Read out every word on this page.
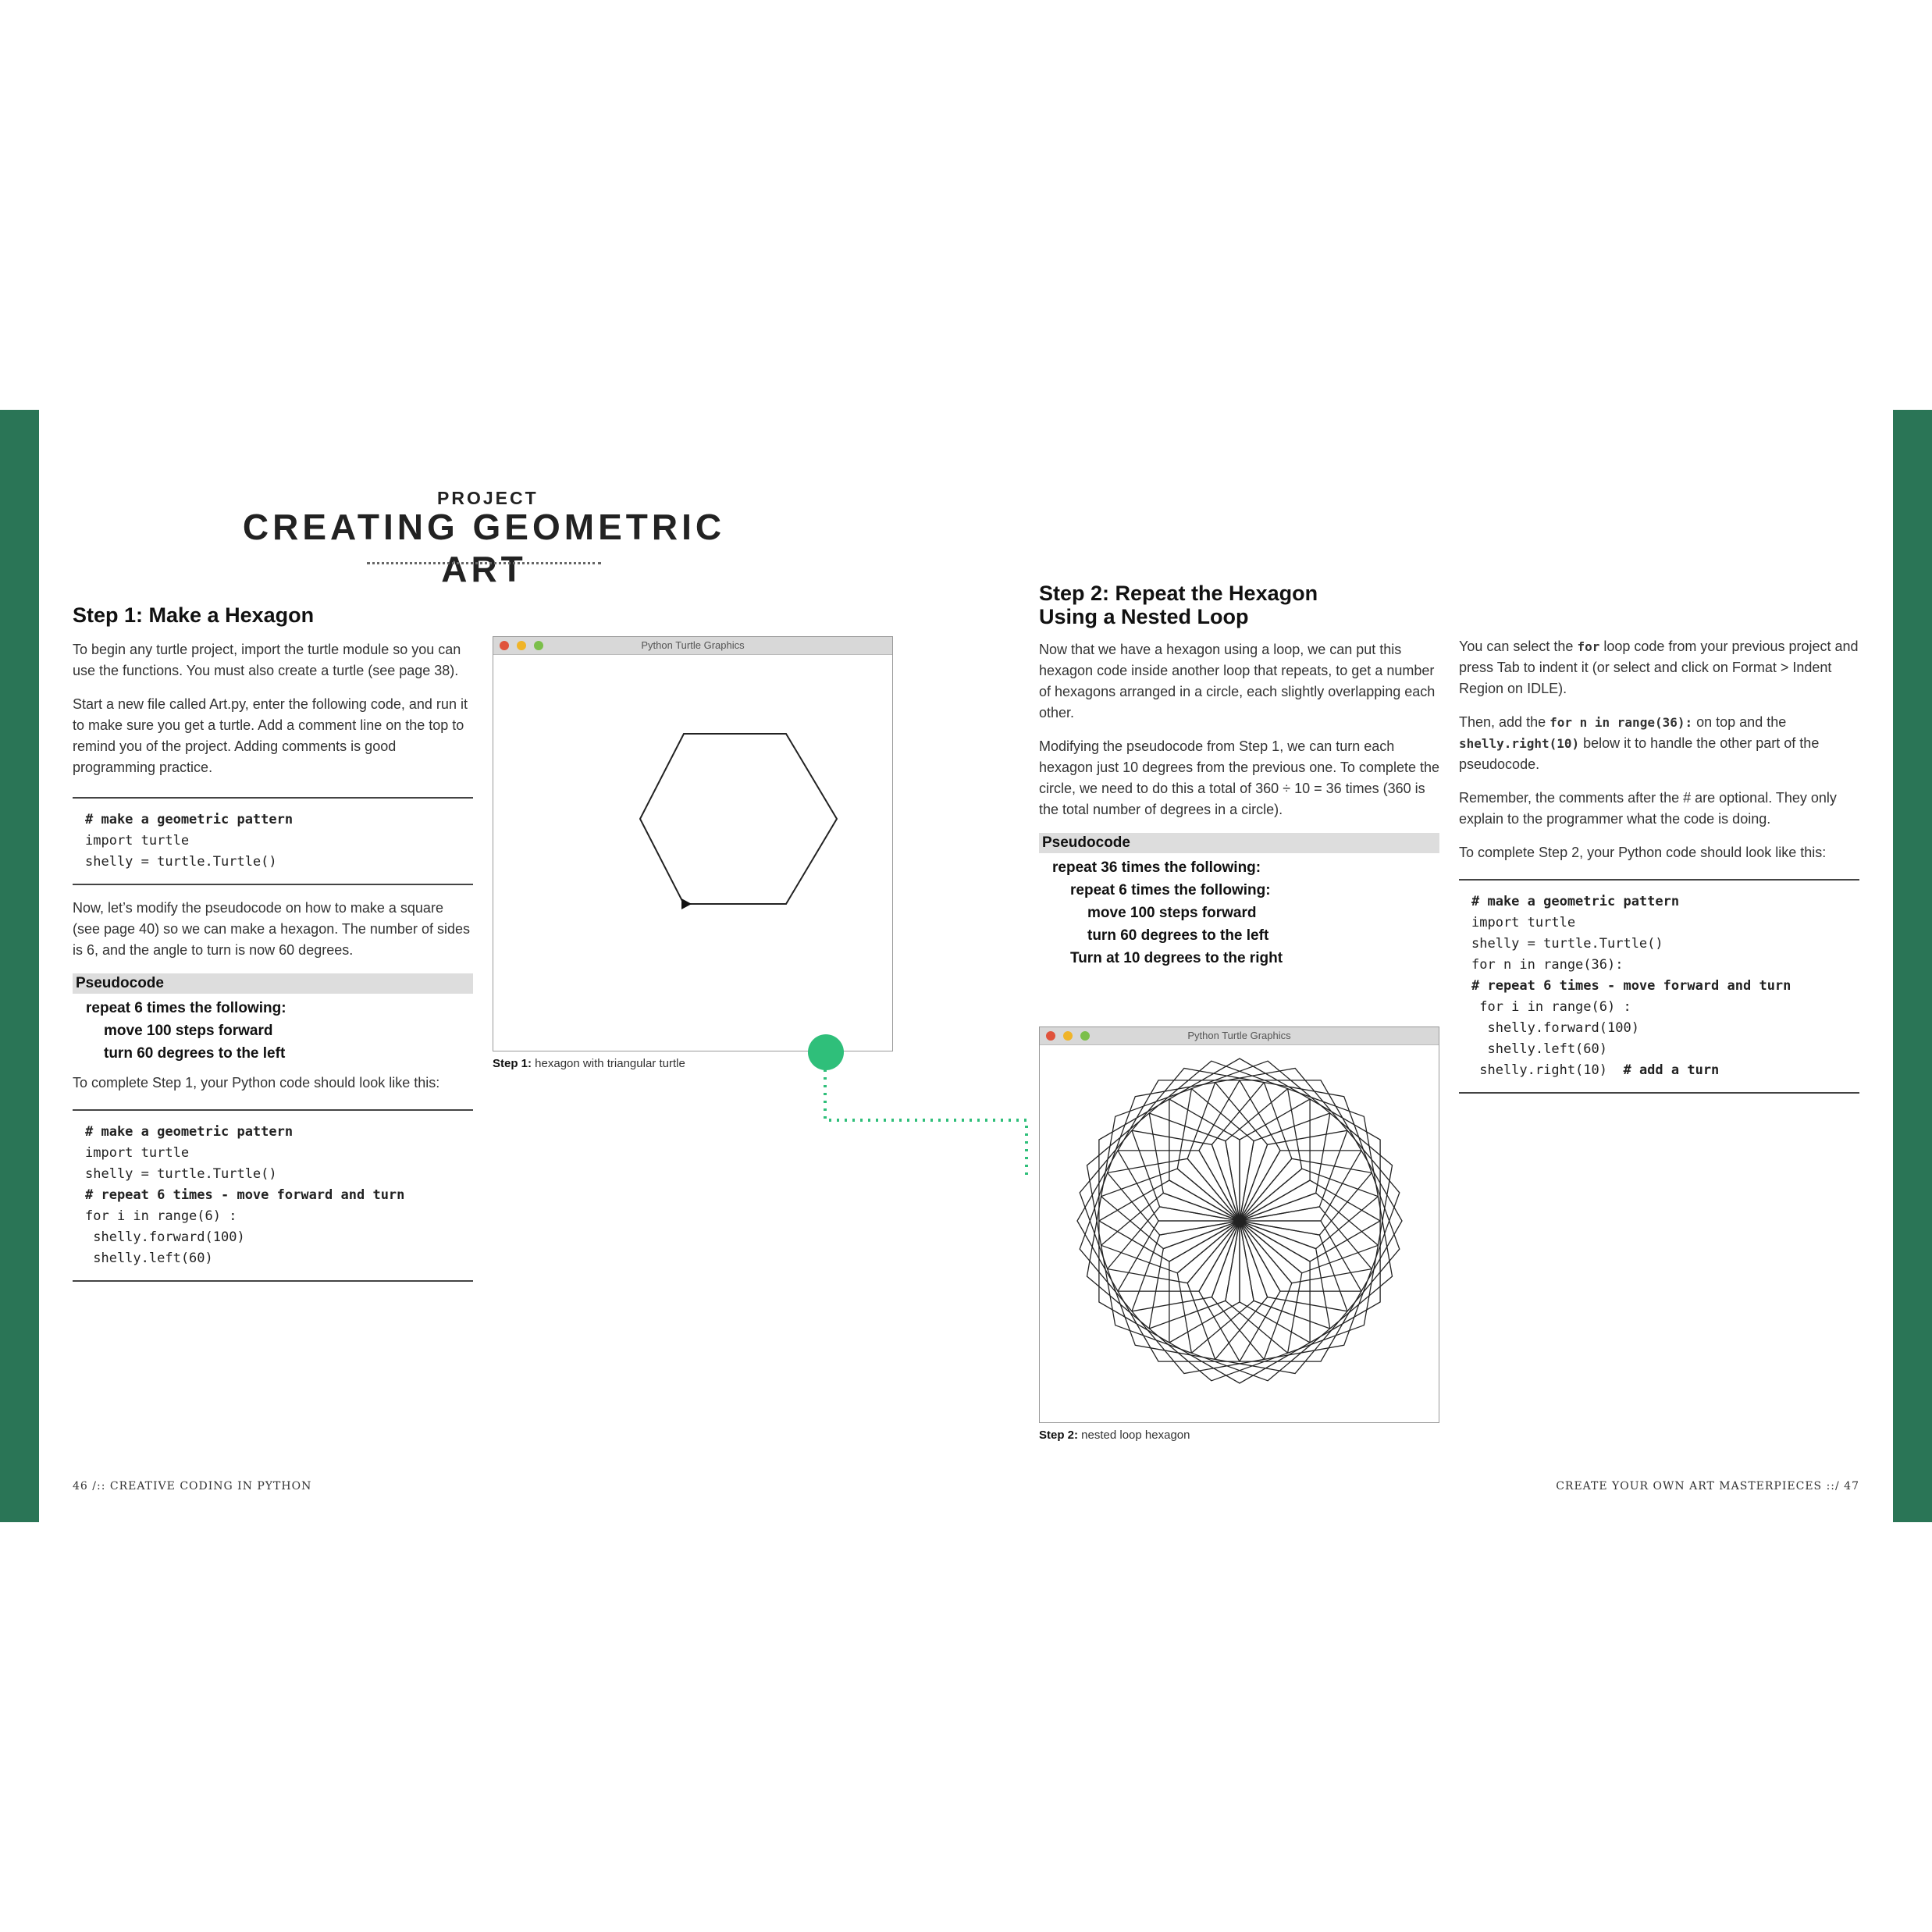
PROJECT
CREATING GEOMETRIC ART
Step 1: Make a Hexagon

To begin any turtle project, import the turtle module so you can use the functions. You must also create a turtle (see page 38).

Start a new file called Art.py, enter the following code, and run it to make sure you get a turtle. Add a comment line on the top to remind you of the project. Adding comments is good programming practice.

# make a geometric pattern
import turtle
shelly = turtle.Turtle()

Now, let’s modify the pseudocode on how to make a square (see page 40) so we can make a hexagon. The number of sides is 6, and the angle to turn is now 60 degrees.

Pseudocode
repeat 6 times the following:
move 100 steps forward
turn 60 degrees to the left

To complete Step 1, your Python code should look like this:

# make a geometric pattern
import turtle
shelly = turtle.Turtle()
# repeat 6 times - move forward and turn
for i in range(6) :
shelly.forward(100)
shelly.left(60)
Python Turtle Graphics
Step 1: hexagon with triangular turtle
Step 2: Repeat the Hexagon
Using a Nested Loop

Now that we have a hexagon using a loop, we can put this hexagon code inside another loop that repeats, to get a number of hexagons arranged in a circle, each slightly overlapping each other.

Modifying the pseudocode from Step 1, we can turn each hexagon just 10 degrees from the previous one. To complete the circle, we need to do this a total of 360 ÷ 10 = 36 times (360 is the total number of degrees in a circle).

Pseudocode
repeat 36 times the following:
repeat 6 times the following:
move 100 steps forward
turn 60 degrees to the left
Turn at 10 degrees to the right
Python Turtle Graphics
Step 2: nested loop hexagon

You can select the for loop code from your previous project and press Tab to indent it (or select and click on Format > Indent Region on IDLE).

Then, add the for n in range(36): on top and the shelly.right(10) below it to handle the other part of the pseudocode.

Remember, the comments after the # are optional. They only explain to the programmer what the code is doing.

To complete Step 2, your Python code should look like this:

# make a geometric pattern
import turtle
shelly = turtle.Turtle()
for n in range(36):
# repeat 6 times - move forward and turn
for i in range(6) :
shelly.forward(100)
shelly.left(60)
shelly.right(10)  # add a turn
46 /:: CREATIVE CODING IN PYTHON	CREATE YOUR OWN ART MASTERPIECES ::/ 47
